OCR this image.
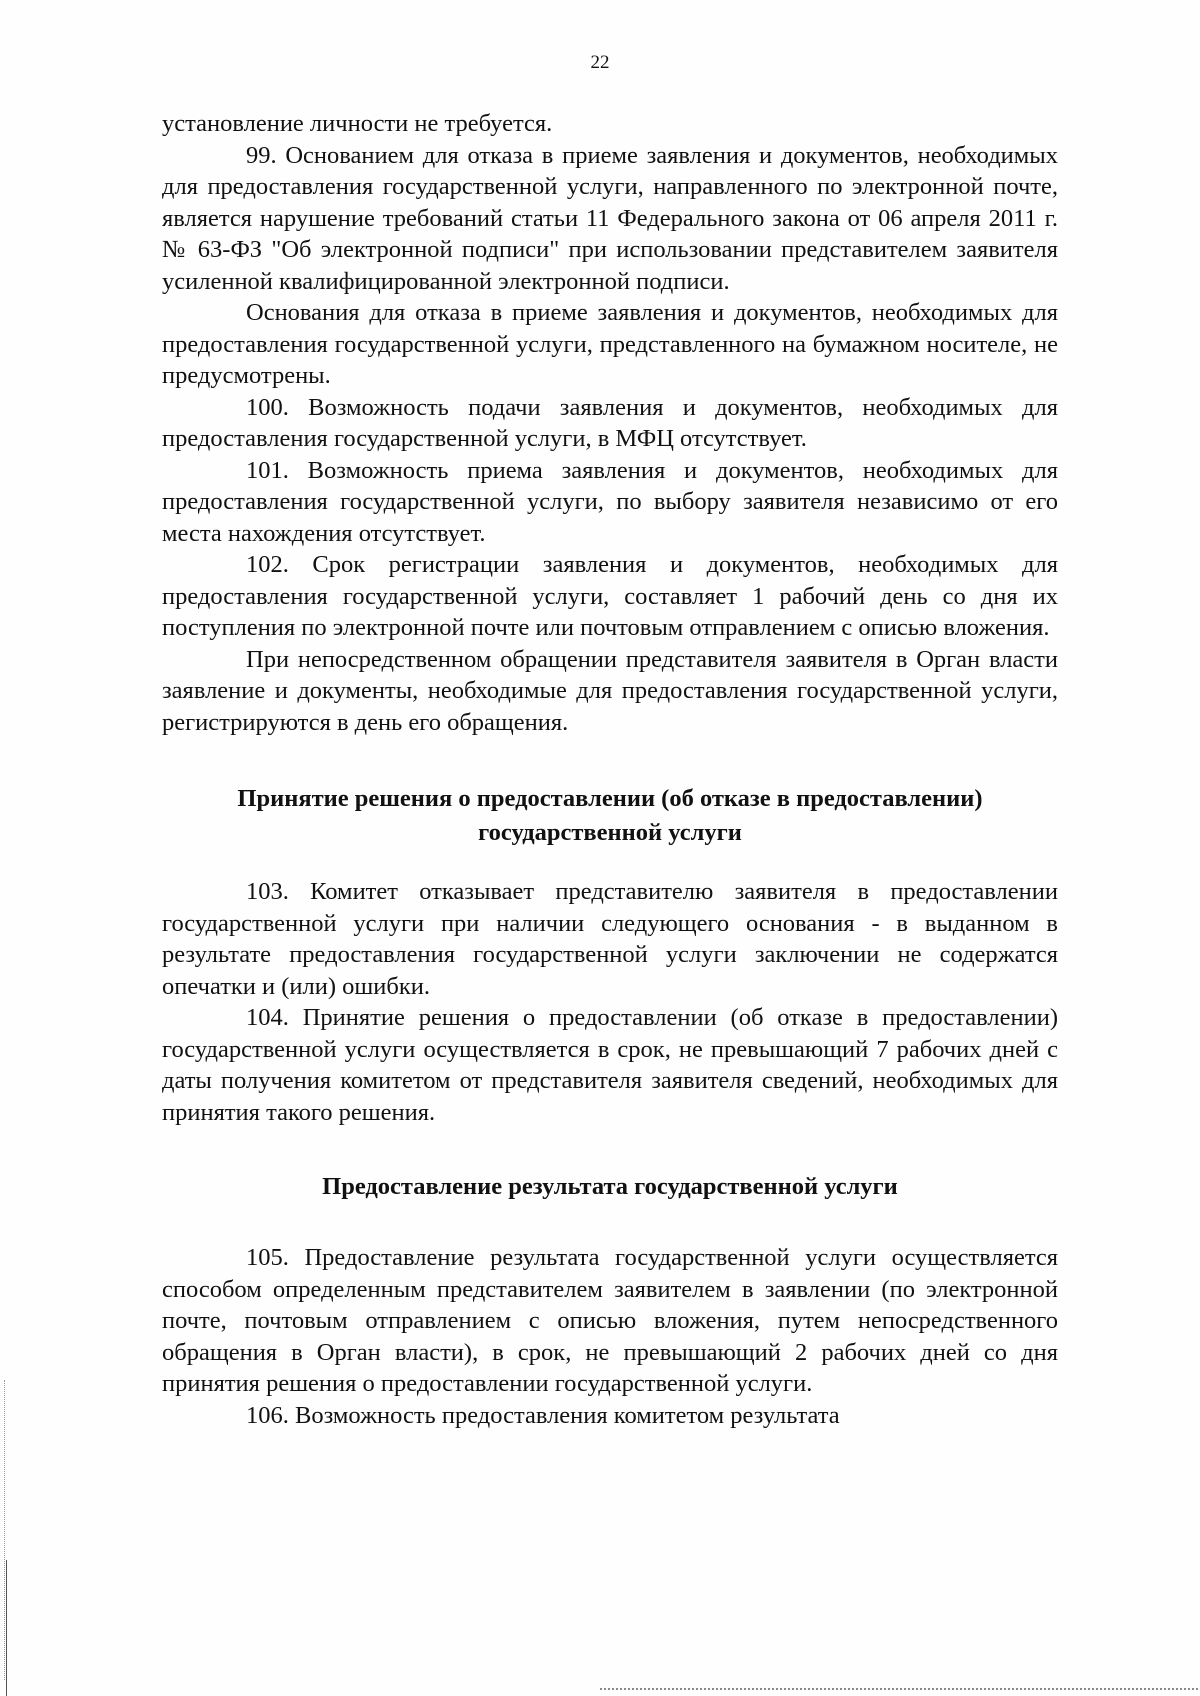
22

установление личности не требуется.

99. Основанием для отказа в приеме заявления и документов, необходимых для предоставления государственной услуги, направленного по электронной почте, является нарушение требований статьи 11 Федерального закона от 06 апреля 2011 г. № 63-ФЗ "Об электронной подписи" при использовании представителем заявителя усиленной квалифицированной электронной подписи.

Основания для отказа в приеме заявления и документов, необходимых для предоставления государственной услуги, представленного на бумажном носителе, не предусмотрены.

100. Возможность подачи заявления и документов, необходимых для предоставления государственной услуги, в МФЦ отсутствует.

101. Возможность приема заявления и документов, необходимых для предоставления государственной услуги, по выбору заявителя независимо от его места нахождения отсутствует.

102. Срок регистрации заявления и документов, необходимых для предоставления государственной услуги, составляет 1 рабочий день со дня их поступления по электронной почте или почтовым отправлением с описью вложения.

При непосредственном обращении представителя заявителя в Орган власти заявление и документы, необходимые для предоставления государственной услуги, регистрируются в день его обращения.

Принятие решения о предоставлении (об отказе в предоставлении)
государственной услуги

103. Комитет отказывает представителю заявителя в предоставлении государственной услуги при наличии следующего основания - в выданном в результате предоставления государственной услуги заключении не содержатся опечатки и (или) ошибки.

104. Принятие решения о предоставлении (об отказе в предоставлении) государственной услуги осуществляется в срок, не превышающий 7 рабочих дней с даты получения комитетом от представителя заявителя сведений, необходимых для принятия такого решения.

Предоставление результата государственной услуги

105. Предоставление результата государственной услуги осуществляется способом определенным представителем заявителем в заявлении (по электронной почте, почтовым отправлением с описью вложения, путем непосредственного обращения в Орган власти), в срок, не превышающий 2 рабочих дней со дня принятия решения о предоставлении государственной услуги.

106. Возможность предоставления комитетом результата
